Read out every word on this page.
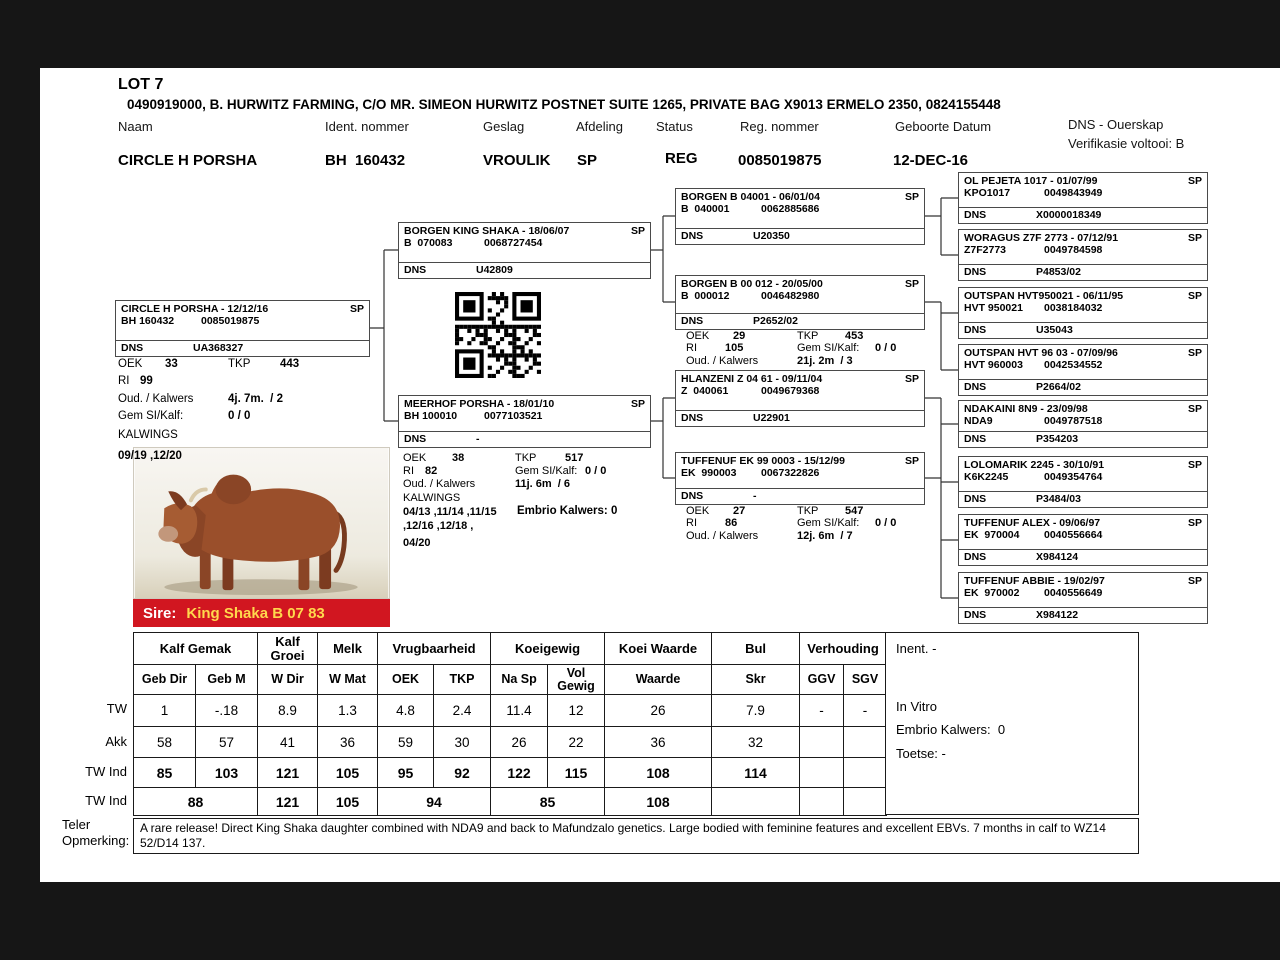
LOT 7
0490919000, B. HURWITZ FARMING, C/O MR. SIMEON HURWITZ POSTNET SUITE 1265, PRIVATE BAG X9013 ERMELO 2350, 0824155448
Naam	Ident. nommer	Geslag	Afdeling	Status	Reg. nommer	Geboorte Datum	DNS - Ouerskap
Verifikasie voltooi: B
CIRCLE H PORSHA	BH  160432	VROULIK SP	REG	0085019875	12-DEC-16
CIRCLE H PORSHA - 12/12/16	SP
BH 160432	0085019875
DNS	UA368327
BORGEN KING SHAKA - 18/06/07	SP
B  070083	0068727454
DNS	U42809
MEERHOF PORSHA - 18/01/10	SP
BH 100010	0077103521
DNS	-
BORGEN B 04001 - 06/01/04	SP
B  040001	0062885686
DNS	U20350
BORGEN B 00 012 - 20/05/00	SP
B  000012	0046482980
DNS	P2652/02
HLANZENI Z 04 61 - 09/11/04	SP
Z  040061	0049679368
DNS	U22901
TUFFENUF EK 99 0003 - 15/12/99	SP
EK  990003 0067322826
DNS	-
OL PEJETA 1017 - 01/07/99	SP
KPO1017	0049843949
DNS	X0000018349
WORAGUS Z7F 2773 - 07/12/91	SP
Z7F2773	0049784598
DNS	P4853/02
OUTSPAN HVT950021 - 06/11/95	SP
HVT 950021 0038184032
DNS	U35043
OUTSPAN HVT 96 03 - 07/09/96	SP
HVT 960003 0042534552
DNS	P2664/02
NDAKAINI 8N9 - 23/09/98	SP
NDA9	0049787518
DNS	P354203
LOLOMARIK 2245 - 30/10/91	SP
K6K2245	0049354764
DNS	P3484/03
TUFFENUF ALEX - 09/06/97	SP
EK  970004 0040556664
DNS	X984124
TUFFENUF ABBIE - 19/02/97	SP
EK  970002 0040556649
DNS	X984122
OEK	33	TKP	443
RI 99
Oud. / Kalwers	4j. 7m.  / 2
Gem SI/Kalf:	0 / 0
KALWINGS
09/19 ,12/20	OEK	38	TKP	517
RI	82	Gem SI/Kalf: 0 / 0
Oud. / Kalwers	11j. 6m  / 6
KALWINGS
04/13 ,11/14 ,11/15
,12/16 ,12/18 ,
04/20
Embrio Kalwers: 0
OEK	29	TKP	453
RI	105	Gem SI/Kalf:	0 / 0
Oud. / Kalwers	21j. 2m  / 3
OEK	27	TKP	547
RI	86	Gem SI/Kalf:	0 / 0
Oud. / Kalwers	12j. 6m  / 7
Sire: King Shaka B 07 83
TW
Akk
TW Ind
TW Ind
Kalf Gemak		Kalf Groei	Melk	Vrugbaarheid		Koeigewig		Koei Waarde	Bul	Verhouding	
Geb Dir	Geb M	W Dir	W Mat	OEK	TKP	Na Sp	Vol Gewig	Waarde	Skr	GGV	SGV
1	-.18	8.9	1.3	4.8	2.4	11.4	12	26	7.9	-	-
58	57	41	36	59	30	26	22	36	32		
85	103	121	105	95	92	122	115	108	114		
88		121	105	94		85		108			
Inent. -
In Vitro
Embrio Kalwers:  0
Toetse: -
Teler
Opmerking:
A rare release! Direct King Shaka daughter combined with NDA9 and back to Mafundzalo genetics. Large bodied with feminine features and excellent EBVs. 7 months in calf to WZ14 52/D14 137.
